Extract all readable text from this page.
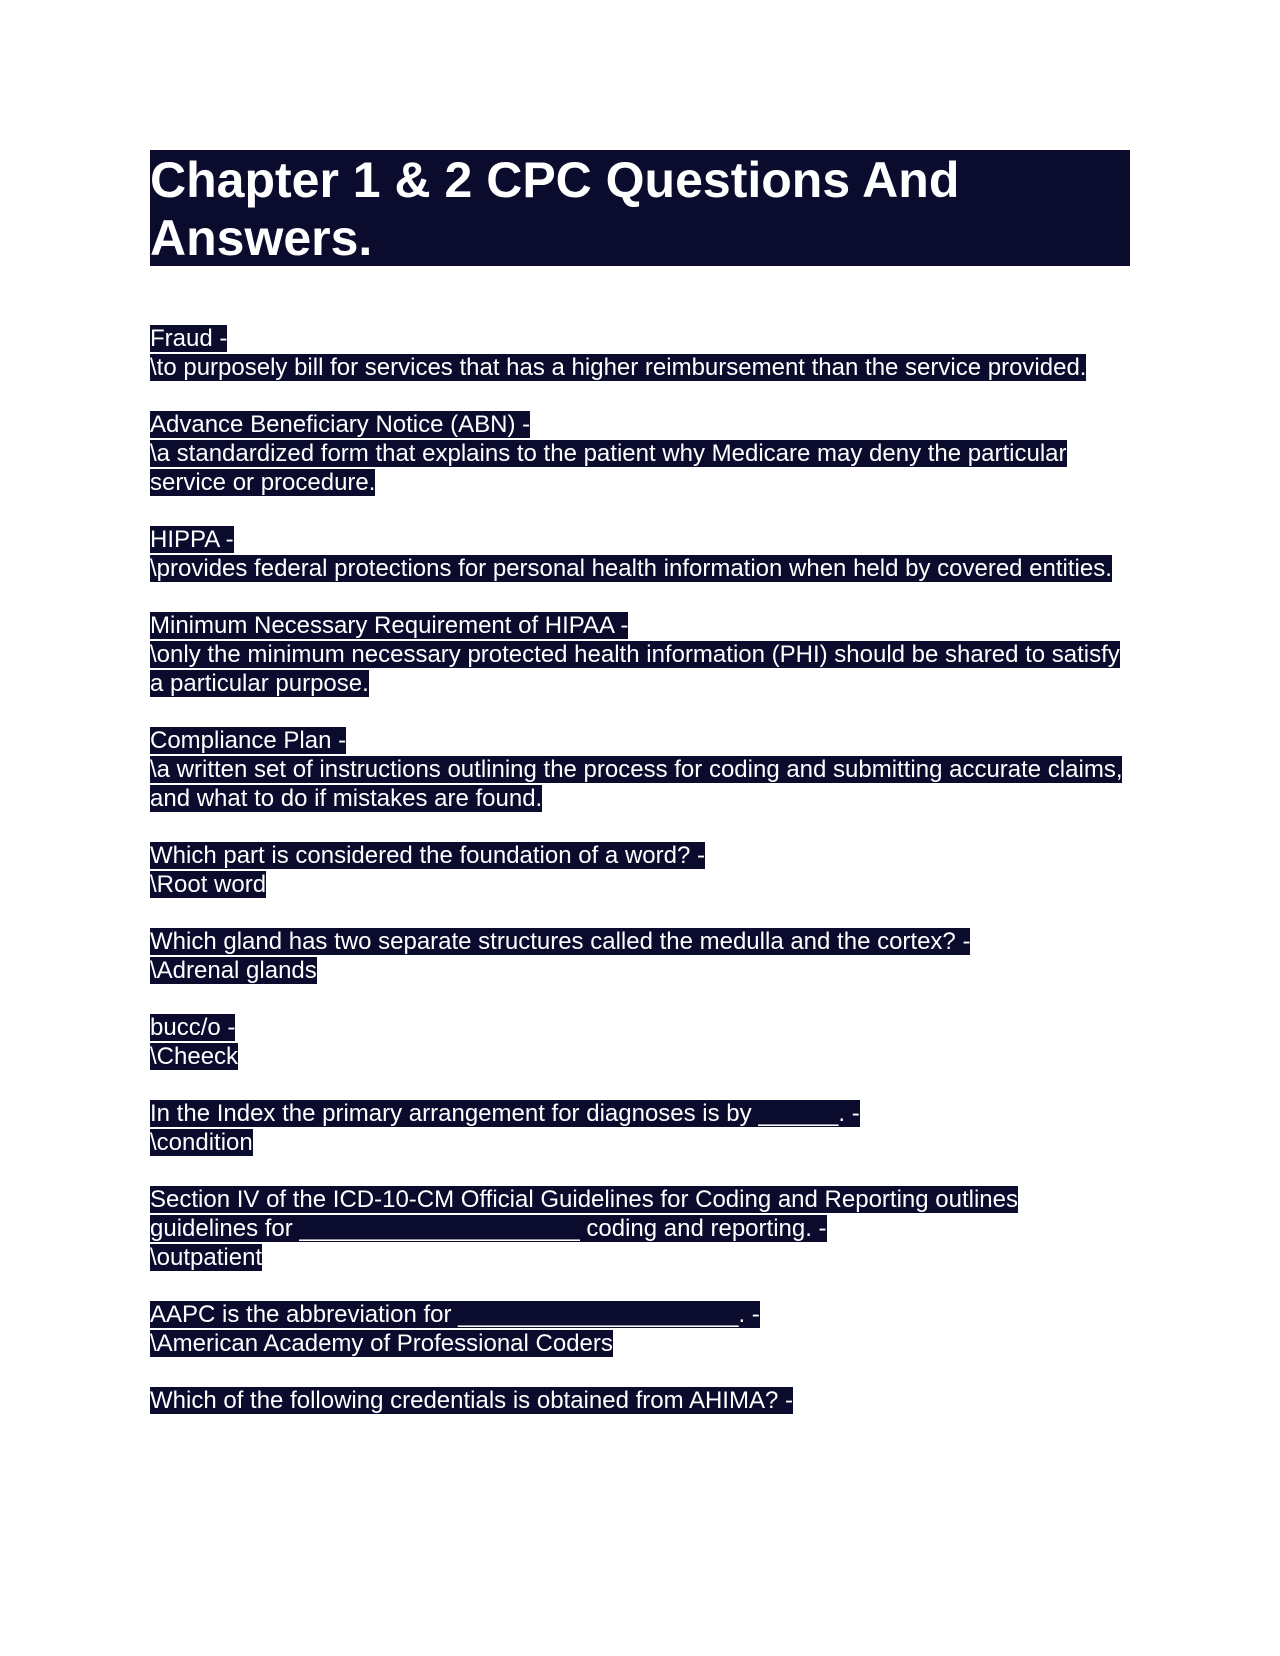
Chapter 1 & 2 CPC Questions And Answers.
Fraud -
\to purposely bill for services that has a higher reimbursement than the service provided.
Advance Beneficiary Notice (ABN) -
\a standardized form that explains to the patient why Medicare may deny the particular service or procedure.
HIPPA -
\provides federal protections for personal health information when held by covered entities.
Minimum Necessary Requirement of HIPAA -
\only the minimum necessary protected health information (PHI) should be shared to satisfy a particular purpose.
Compliance Plan -
\a written set of instructions outlining the process for coding and submitting accurate claims, and what to do if mistakes are found.
Which part is considered the foundation of a word? -
\Root word
Which gland has two separate structures called the medulla and the cortex? -
\Adrenal glands
bucc/o -
\Cheeck
In the Index the primary arrangement for diagnoses is by ______. -
\condition
Section IV of the ICD-10-CM Official Guidelines for Coding and Reporting outlines guidelines for _____________________ coding and reporting. -
\outpatient
AAPC is the abbreviation for _____________________. -
\American Academy of Professional Coders
Which of the following credentials is obtained from AHIMA? -
